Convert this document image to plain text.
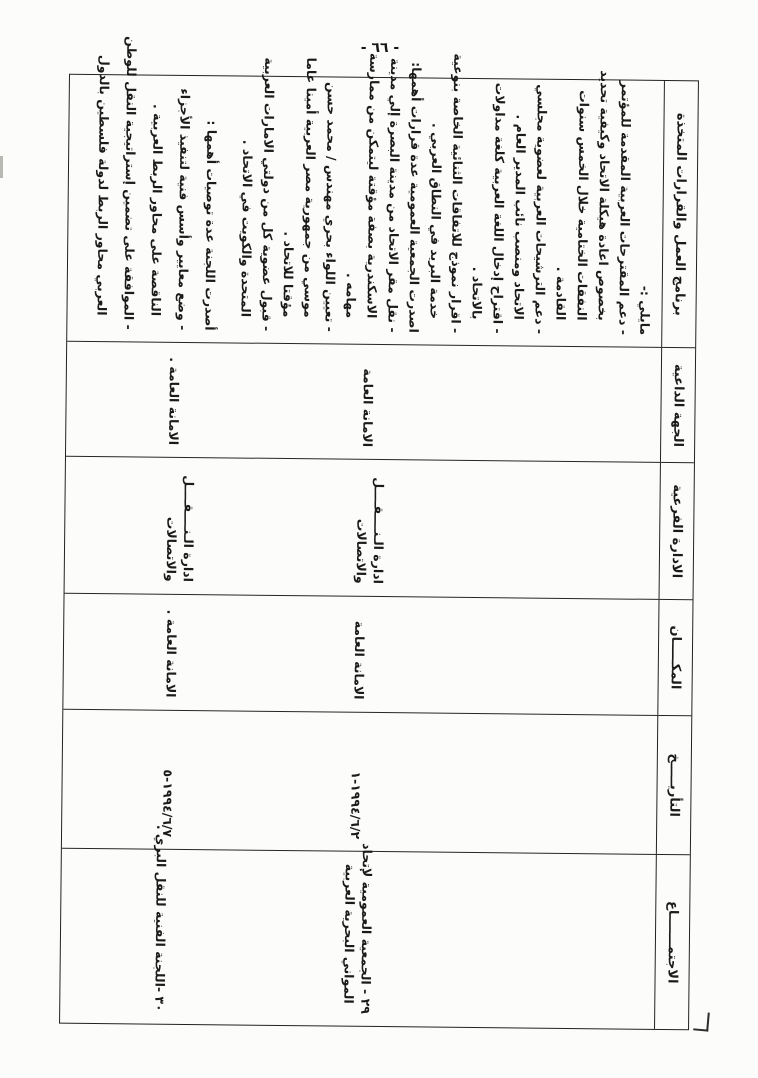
- ٦٦ -
الاجتمـــــــاع
٢٩ - الجمعية العمومية لإتحاد
المواني البحرية العربية
٣٠ -اللجنة الفنية للنقل البري .
التأريـــــخ
١٩٩٤/٦/٢-١
١٩٩٤/٦/٧-٥
المكـــــان
الامانة العامة
الامانة العامة .
الادارة الفرعية
ادارة الـنــــقــــل
والاتصالات
ادارة الـنــــقــــل
والاتصالات
الجهة الداعية
الامانة العامة
الامانة العامة .
برنامج العمل والقرارات المتخذة
مايلي :-
- دعم المقترحات العربية المقدمة للمؤتمر
بخصوص اعادة هيكلة الاتحاد وكيفية تحديد
النفقات الختامية خلال الخمس سنوات
القادمة .
- دعم الترشيحات العربية لعضوية مجلسي
الاتحاد ومنصب نائب المدير العام .
- اقتراح إدخال اللغة العربية كلغة مداولات
بالاتحاد .
- اقرار نموذج للاتفاقات الثنائية الخاصة بنوعية
خدمة البريد في النطاق العربي .
اصدرت الجمعية العمومية عدة قرارات أهمها:
- نقل مقر الاتحاد من مدينة البصرة إلي مدينة
الاسكندرية بصفة مؤقتة ليتمكن من ممارسة
مهامه .
- تعيين اللواء بحري مهندس / محمد حسن
موسي من جمهورية مصر العربية أمينا عاما
مؤقتا للاتحاد .
- قبول عضوية كل من دولتي الامارات العربية
المتحدة والكويت في الاتحاد .
أصدرت اللجنة عدة توصيات أهمها :
- وضع معايير وأسس فنية لتنفيذ الأجزاء
الناقصة على محاور الربط العربية .
- الموافقة على تضمين إستراتيجية النقل للوطن
العربي محاور الربط لدولة فلسطين بالدول
